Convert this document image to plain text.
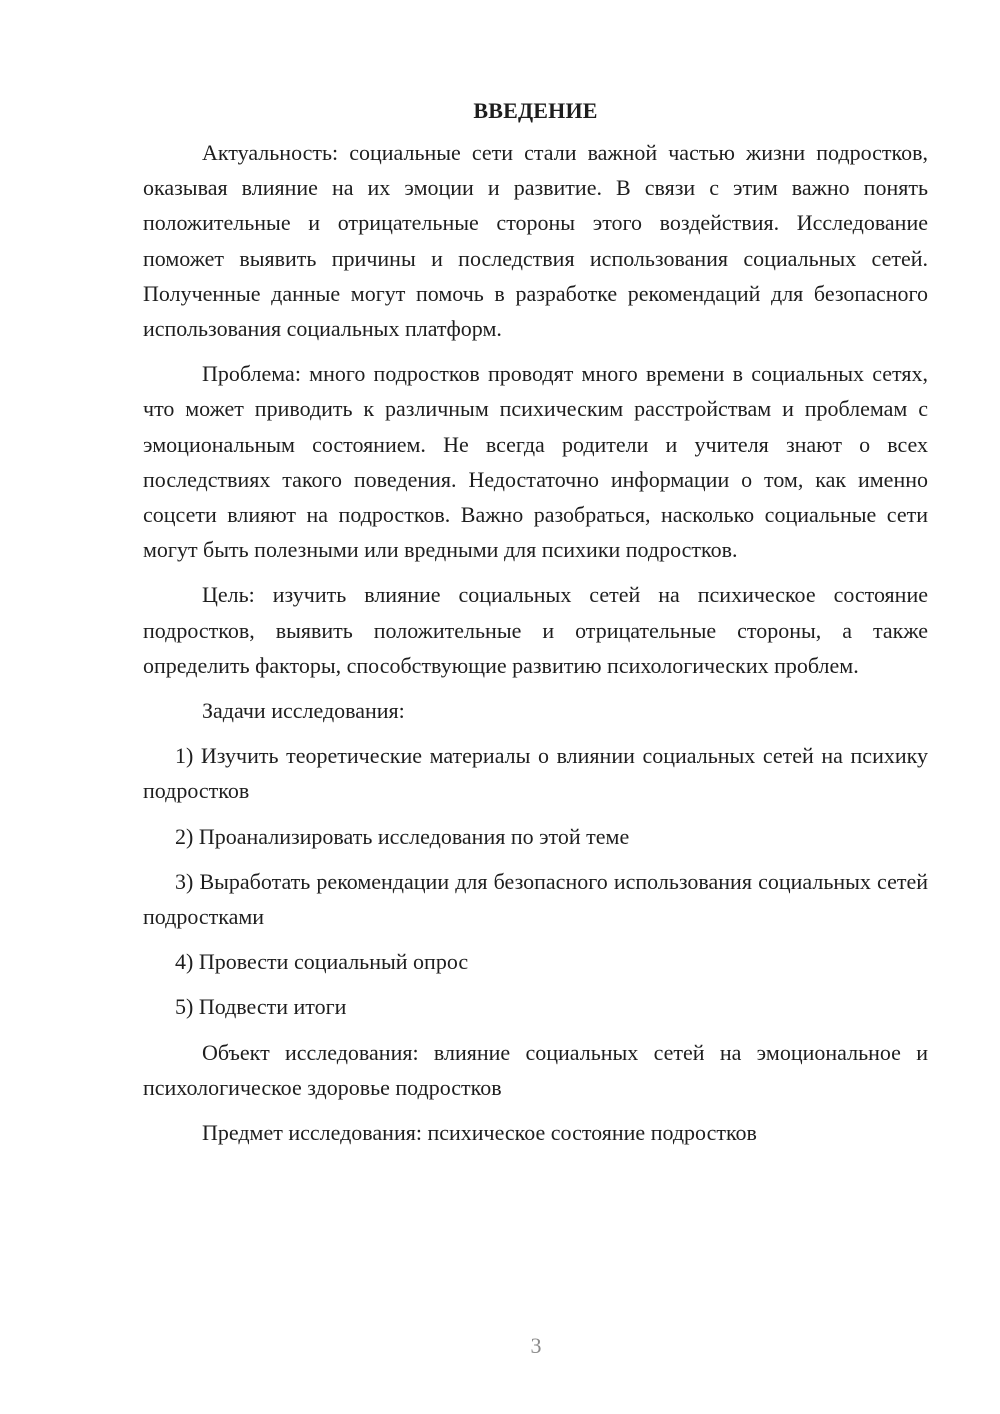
ВВЕДЕНИЕ

Актуальность: социальные сети стали важной частью жизни подростков, оказывая влияние на их эмоции и развитие. В связи с этим важно понять положительные и отрицательные стороны этого воздействия. Исследование поможет выявить причины и последствия использования социальных сетей. Полученные данные могут помочь в разработке рекомендаций для безопасного использования социальных платформ.

Проблема: много подростков проводят много времени в социальных сетях, что может приводить к различным психическим расстройствам и проблемам с эмоциональным состоянием. Не всегда родители и учителя знают о всех последствиях такого поведения. Недостаточно информации о том, как именно соцсети влияют на подростков. Важно разобраться, насколько социальные сети могут быть полезными или вредными для психики подростков.

Цель: изучить влияние социальных сетей на психическое состояние подростков, выявить положительные и отрицательные стороны, а также определить факторы, способствующие развитию психологических проблем.

Задачи исследования:

1) Изучить теоретические материалы о влиянии социальных сетей на психику подростков

2) Проанализировать исследования по этой теме

3) Выработать рекомендации для безопасного использования социальных сетей подростками

4) Провести социальный опрос

5) Подвести итоги

Объект исследования: влияние социальных сетей на эмоциональное и психологическое здоровье подростков

Предмет исследования: психическое состояние подростков

3
